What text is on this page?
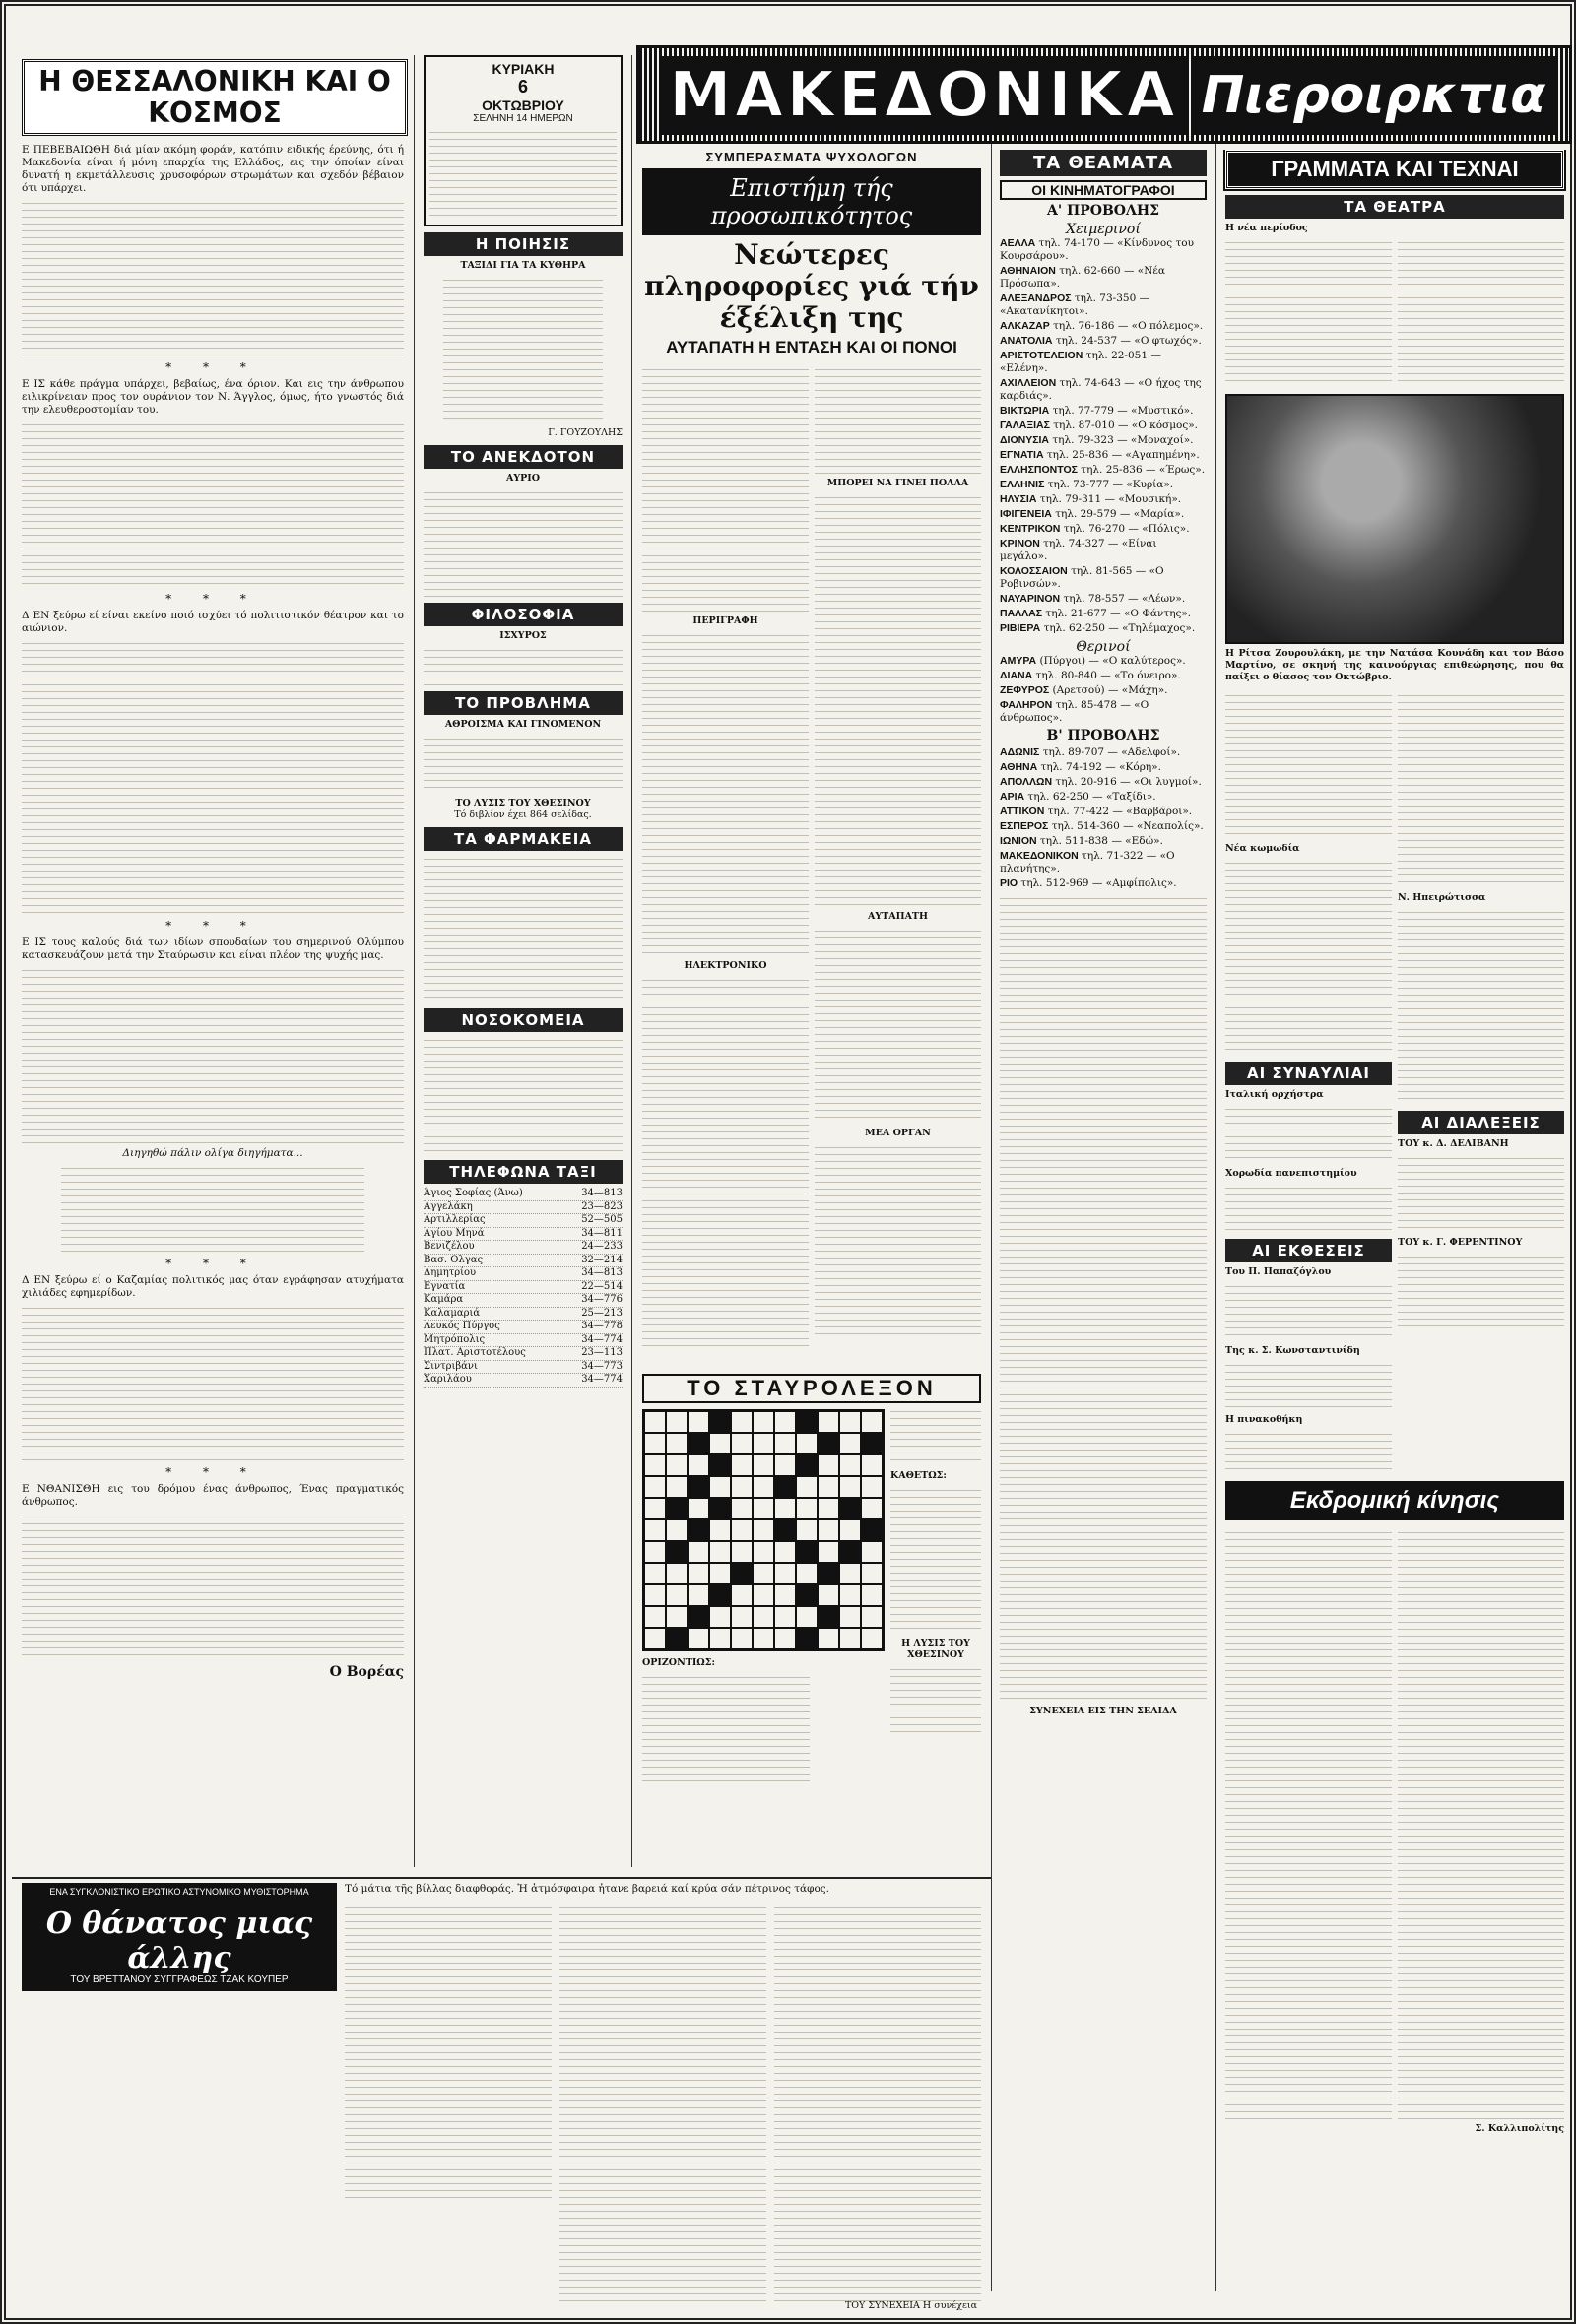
ΜΑΚΕΔΟΝΙΚΑ Πιεροιρκτια
Η ΘΕΣΣΑΛΟΝΙΚΗ ΚΑΙ Ο ΚΟΣΜΟΣ
Ε ΠΕΒΕΒΑΙΩΘΗ διά μίαν ακόμη φοράν, κατόπιν ειδικής έρεύνης, ότι ή Μακεδονία είναι ή μόνη επαρχία της Ελλάδος, εις την όποίαν είναι δυνατή η εκμετάλλευσις χρυσοφόρων στρωμάτων και σχεδόν βέβαιον ότι υπάρχει.
* * *
Ε ΙΣ κάθε πράγμα υπάρχει, βεβαίως, ένα όριον. Και εις την άνθρωπου ειλικρίνειαν προς τον ουράνιον τον Ν. Άγγλος, όμως, ήτο γνωστός διά την ελευθεροστομίαν του.
* * *
Δ ΕΝ ξεύρω εί είναι εκείνο ποιό ισχύει τό πολιτιστικόν θέατρον και το αιώνιον.
* * *
Ε ΙΣ τους καλούς διά των ιδίων σπουδαίων του σημερινού Ολύμπου κατασκευάζουν μετά την Σταύρωσιν και είναι πλέον της ψυχής μας.
Διηγηθώ πάλιν ολίγα διηγήματα...
* * *
Δ ΕΝ ξεύρω εί ο Καζαμίας πολιτικός μας όταν εγράφησαν ατυχήματα χιλιάδες εφημερίδων.
* * *
Ε ΝΘΑΝΙΣΘΗ εις του δρόμου ένας άνθρωπος, Ένας πραγματικός άνθρωπος.
Ο Βορέας
ΚΥΡΙΑΚΗ
6
ΟΚΤΩΒΡΙΟΥ
ΣΕΛΗΝΗ 14 ΗΜΕΡΩΝ
Η ΠΟΙΗΣΙΣ
ΤΑΞΙΔΙ ΓΙΑ ΤΑ ΚΥΘΗΡΑ
Γ. ΓΟΥΖΟΥΛΗΣ
ΤΟ ΑΝΕΚΔΟΤΟΝ
ΑΥΡΙΟ
ΦΙΛΟΣΟΦΙΑ
ΙΣΧΥΡΟΣ
ΤΟ ΠΡΟΒΛΗΜΑ
ΑΘΡΟΙΣΜΑ ΚΑΙ ΓΙΝΟΜΕΝΟΝ
ΤΟ ΛΥΣΙΣ ΤΟΥ ΧΘΕΣΙΝΟΥ
Τό διβλίον έχει 864 σελίδας.
ΤΑ ΦΑΡΜΑΚΕΙΑ
ΝΟΣΟΚΟΜΕΙΑ
ΤΗΛΕΦΩΝΑ ΤΑΞΙ
Άγιος Σοφίας (Άνω)	34—813
Αγγελάκη	23—823
Αρτιλλερίας	52—505
Αγίου Μηνά	34—811
Βενιζέλου	24—233
Βασ. Ολγας	32—214
Δημητρίου	34—813
Εγνατία	22—514
Καμάρα	34—776
Καλαμαριά	25—213
Λευκός Πύργος	34—778
Μητρόπολις	34—774
Πλατ. Αριστοτέλους	23—113
Σιντριβάνι	34—773
Χαριλάου	34—774
ΣΥΜΠΕΡΑΣΜΑΤΑ ΨΥΧΟΛΟΓΩΝ
Επιστήμη τής προσωπικότητος
Νεώτερες πληροφορίες γιά τήν έξέλιξη της
ΑΥΤΑΠΑΤΗ Η ΕΝΤΑΣΗ ΚΑΙ ΟΙ ΠΟΝΟΙ
ΠΕΡΙΓΡΑΦΗ
ΗΛΕΚΤΡΟΝΙΚΟ
ΜΠΟΡΕΙ ΝΑ ΓΙΝΕΙ ΠΟΛΛΑ
ΑΥΤΑΠΑΤΗ
ΜΕΑ ΟΡΓΑΝ
ΤΟ ΣΤΑΥΡΟΛΕΞΟΝ
ΟΡΙΖΟΝΤΙΩΣ:
ΚΑΘΕΤΩΣ:
Η ΛΥΣΙΣ ΤΟΥ ΧΘΕΣΙΝΟΥ
ΤΑ ΘΕΑΜΑΤΑ
ΟΙ ΚΙΝΗΜΑΤΟΓΡΑΦΟΙ
Α' ΠΡΟΒΟΛΗΣ
Χειμερινοί
ΑΕΛΛΑ τηλ. 74-170 — «Κίνδυνος του Κουρσάρου».
ΑΘΗΝΑΙΟΝ τηλ. 62-660 — «Νέα Πρόσωπα».
ΑΛΕΞΑΝΔΡΟΣ τηλ. 73-350 — «Ακατανίκητοι».
ΑΛΚΑΖΑΡ τηλ. 76-186 — «Ο πόλεμος».
ΑΝΑΤΟΛΙΑ τηλ. 24-537 — «Ο φτωχός».
ΑΡΙΣΤΟΤΕΛΕΙΟΝ τηλ. 22-051 — «Ελένη».
ΑΧΙΛΛΕΙΟΝ τηλ. 74-643 — «Ο ήχος της καρδιάς».
ΒΙΚΤΩΡΙΑ τηλ. 77-779 — «Μυστικό».
ΓΑΛΑΞΙΑΣ τηλ. 87-010 — «Ο κόσμος».
ΔΙΟΝΥΣΙΑ τηλ. 79-323 — «Μοναχοί».
ΕΓΝΑΤΙΑ τηλ. 25-836 — «Αγαπημένη».
ΕΛΛΗΣΠΟΝΤΟΣ τηλ. 25-836 — «Έρως».
ΕΛΛΗΝΙΣ τηλ. 73-777 — «Κυρία».
ΗΛΥΣΙΑ τηλ. 79-311 — «Μουσική».
ΙΦΙΓΕΝΕΙΑ τηλ. 29-579 — «Μαρία».
ΚΕΝΤΡΙΚΟΝ τηλ. 76-270 — «Πόλις».
ΚΡΙΝΟΝ τηλ. 74-327 — «Είναι μεγάλο».
ΚΟΛΟΣΣΑΙΟΝ τηλ. 81-565 — «Ο Ροβινσών».
ΝΑΥΑΡΙΝΟΝ τηλ. 78-557 — «Λέων».
ΠΑΛΛΑΣ τηλ. 21-677 — «Ο Φάντης».
ΡΙΒΙΕΡΑ τηλ. 62-250 — «Τηλέμαχος».
Θερινοί
ΑΜΥΡΑ (Πύργοι) — «Ο καλύτερος».
ΔΙΑΝΑ τηλ. 80-840 — «Το όνειρο».
ΖΕΦΥΡΟΣ (Αρετσού) — «Μάχη».
ΦΑΛΗΡΟΝ τηλ. 85-478 — «Ο άνθρωπος».
Β' ΠΡΟΒΟΛΗΣ
ΑΔΩΝΙΣ τηλ. 89-707 — «Αδελφοί».
ΑΘΗΝΑ τηλ. 74-192 — «Κόρη».
ΑΠΟΛΛΩΝ τηλ. 20-916 — «Οι λυγμοί».
ΑΡΙΑ τηλ. 62-250 — «Ταξίδι».
ΑΤΤΙΚΟΝ τηλ. 77-422 — «Βαρβάροι».
ΕΣΠΕΡΟΣ τηλ. 514-360 — «Νεαπολίς».
ΙΩΝΙΟΝ τηλ. 511-838 — «Εδώ».
ΜΑΚΕΔΟΝΙΚΟΝ τηλ. 71-322 — «Ο πλανήτης».
ΡΙΟ τηλ. 512-969 — «Αμφίπολις».
ΣΥΝΕΧΕΙΑ ΕΙΣ ΤΗΝ ΣΕΛΙΔΑ
ΓΡΑΜΜΑΤΑ ΚΑΙ ΤΕΧΝΑΙ
ΤΑ ΘΕΑΤΡΑ
Η νέα περίοδος
Η Ρίτσα Ζουρουλάκη, με την Νατάσα Κουνάδη και τον Βάσο Μαρτίνο, σε σκηνή της καινούργιας επιθεώρησης, που θα παίξει ο θίασος τον Οκτώβριο.
Νέα κωμωδία
ΑΙ ΣΥΝΑΥΛΙΑΙ
Ιταλική ορχήστρα
Χορωδία πανεπιστημίου
ΑΙ ΕΚΘΕΣΕΙΣ
Του Π. Παπαζόγλου
Της κ. Σ. Κωνσταντινίδη
Η πινακοθήκη
Ν. Ηπειρώτισσα
ΑΙ ΔΙΑΛΕΞΕΙΣ
ΤΟΥ κ. Δ. ΔΕΛΙΒΑΝΗ
ΤΟΥ κ. Γ. ΦΕΡΕΝΤΙΝΟΥ
Εκδρομική κίνησις
Σ. Καλλιπολίτης
ΕΝΑ ΣΥΓΚΛΟΝΙΣΤΙΚΟ ΕΡΩΤΙΚΟ ΑΣΤΥΝΟΜΙΚΟ ΜΥΘΙΣΤΟΡΗΜΑ
Ο θάνατος μιας άλλης
ΤΟΥ ΒΡΕΤΤΑΝΟΥ ΣΥΓΓΡΑΦΕΩΣ ΤΖΑΚ ΚΟΥΠΕΡ
Τό μάτια τῆς βίλλας διαφθοράς. Ἡ ἀτμόσφαιρα ἦτανε βαρειά καί κρύα σάν πέτρινος τάφος.
ΤΟΥ ΣΥΝΕΧΕΙΑ Η συνέχεια
